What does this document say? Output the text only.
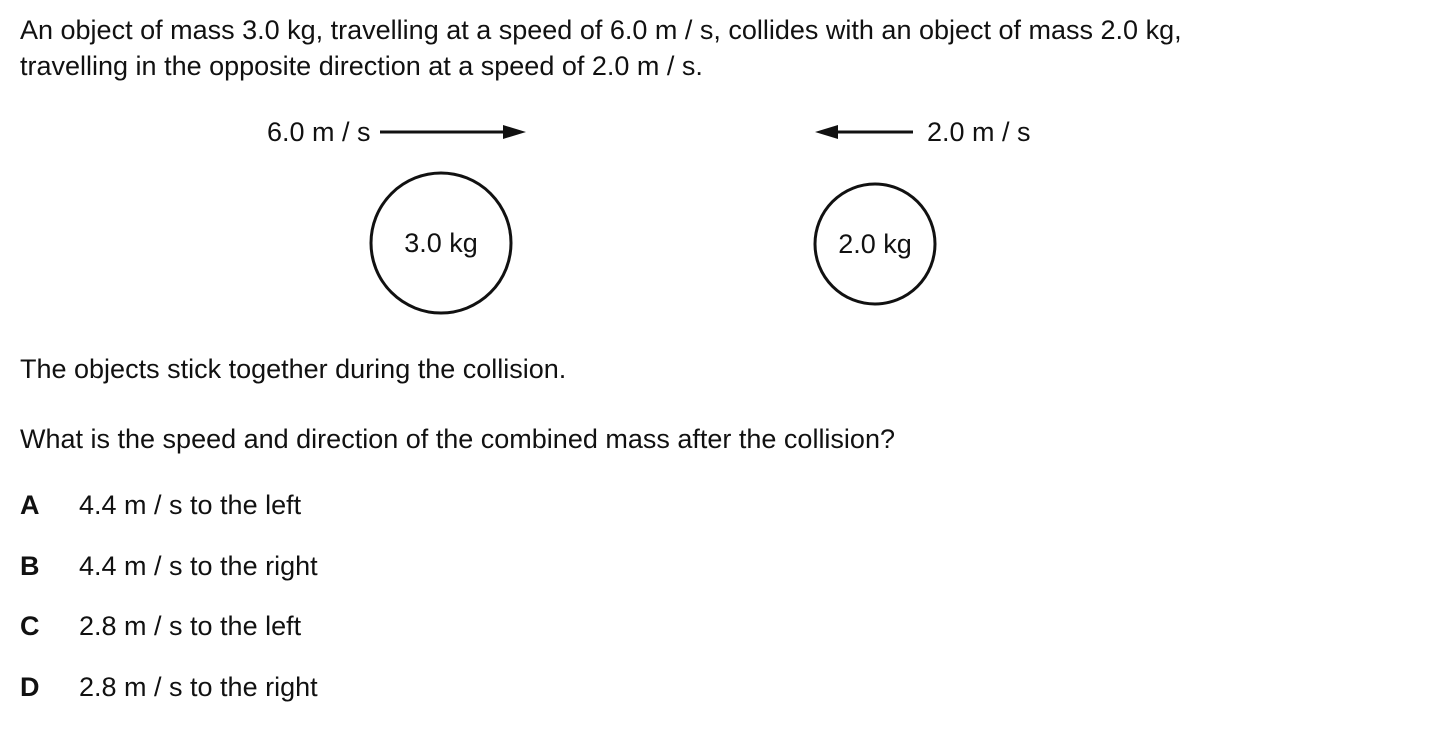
An object of mass 3.0 kg, travelling at a speed of 6.0 m / s, collides with an object of mass 2.0 kg,
travelling in the opposite direction at a speed of 2.0 m / s.

6.0 m / s	2.0 m / s
3.0 kg	2.0 kg

The objects stick together during the collision.

What is the speed and direction of the combined mass after the collision?

A	4.4 m / s to the left
B	4.4 m / s to the right
C	2.8 m / s to the left
D	2.8 m / s to the right
